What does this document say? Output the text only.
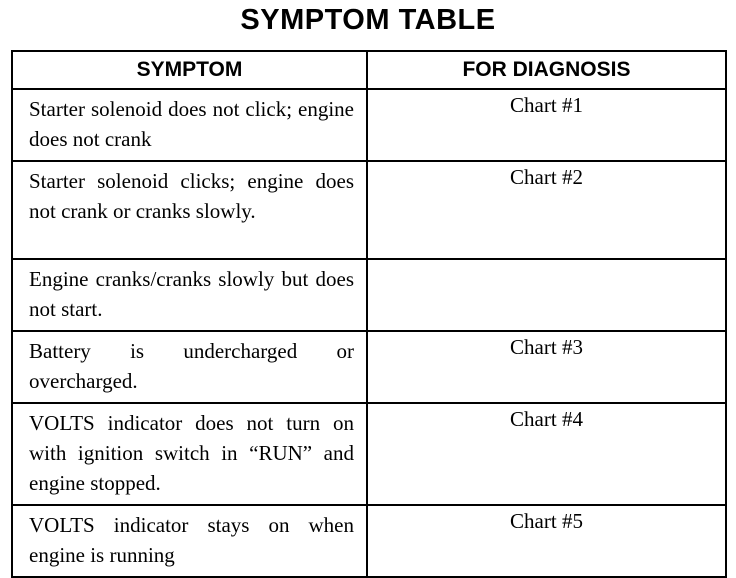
SYMPTOM TABLE
SYMPTOM	FOR DIAGNOSIS
Starter solenoid does not click; engine does not crank	Chart #1
Starter solenoid clicks; engine does not crank or cranks slowly.	Chart #2
Engine cranks/cranks slowly but does not start.	
Battery is undercharged or overcharged.	Chart #3
VOLTS indicator does not turn on with ignition switch in “RUN” and engine stopped.	Chart #4
VOLTS indicator stays on when engine is running	Chart #5
